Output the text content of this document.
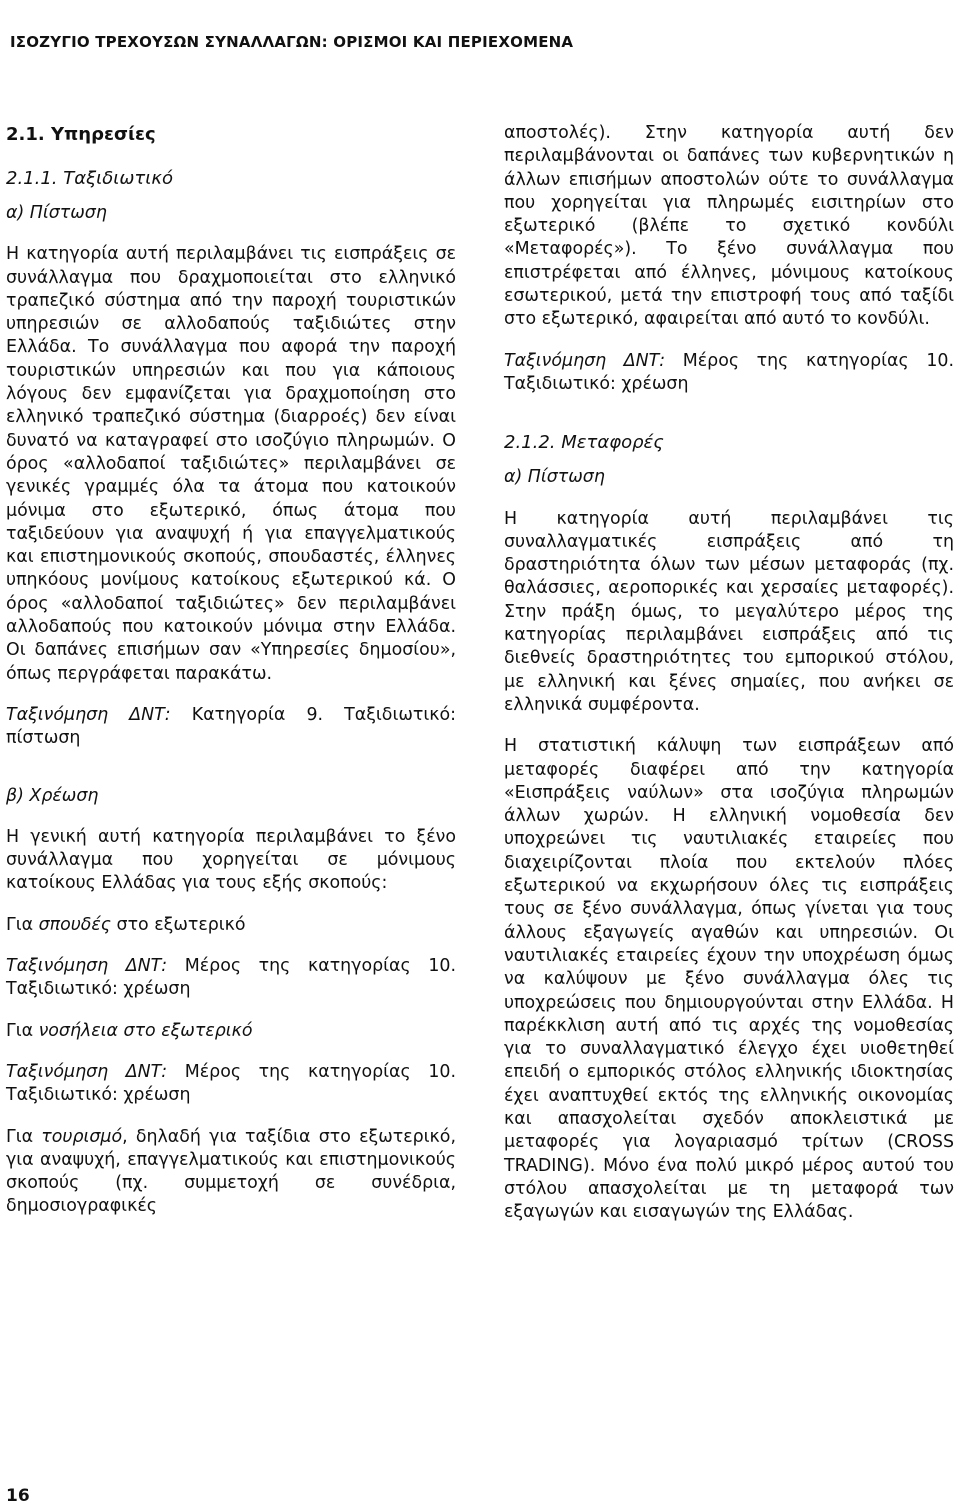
ΙΣΟΖΥΓΙΟ ΤΡΕΧΟΥΣΩΝ ΣΥΝΑΛΛΑΓΩΝ: ΟΡΙΣΜΟΙ ΚΑΙ ΠΕΡΙΕΧΟΜΕΝΑ
2.1. Υπηρεσίες
2.1.1. Ταξιδιωτικό
α) Πίστωση

Η κατηγορία αυτή περιλαμβάνει τις εισπράξεις σε συνάλλαγμα που δραχμοποιείται στο ελληνικό τραπεζικό σύστημα από την παροχή τουριστικών υπηρεσιών σε αλλοδαπούς ταξιδιώτες στην Ελλάδα. Το συνάλλαγμα που αφορά την παροχή τουριστικών υπηρεσιών και που για κάποιους λόγους δεν εμφανίζεται για δραχμοποίηση στο ελληνικό τραπεζικό σύστημα (διαρροές) δεν είναι δυνατό να καταγραφεί στο ισοζύγιο πληρωμών. Ο όρος «αλλοδαποί ταξιδιώτες» περιλαμβάνει σε γενικές γραμμές όλα τα άτομα που κατοικούν μόνιμα στο εξωτερικό, όπως άτομα που ταξιδεύουν για αναψυχή ή για επαγγελματικούς και επιστημονικούς σκοπούς, σπουδαστές, έλληνες υπηκόους μονίμους κατοίκους εξωτερικού κά. Ο όρος «αλλοδαποί ταξιδιώτες» δεν περιλαμβάνει αλλοδαπούς που κατοικούν μόνιμα στην Ελλάδα. Οι δαπάνες επισήμων σαν «Υπηρεσίες δημοσίου», όπως περγράφεται παρακάτω.

Ταξινόμηση ΔΝΤ: Κατηγορία 9. Ταξιδιωτικό: πίστωση

β) Χρέωση

Η γενική αυτή κατηγορία περιλαμβάνει το ξένο συνάλλαγμα που χορηγείται σε μόνιμους κατοίκους Ελλάδας για τους εξής σκοπούς:

Για σπουδές στο εξωτερικό

Ταξινόμηση ΔΝΤ: Μέρος της κατηγορίας 10. Ταξιδιωτικό: χρέωση

Για νοσήλεια στο εξωτερικό

Ταξινόμηση ΔΝΤ: Μέρος της κατηγορίας 10. Ταξιδιωτικό: χρέωση

Για τουρισμό, δηλαδή για ταξίδια στο εξωτερικό, για αναψυχή, επαγγελματικούς και επιστημονικούς σκοπούς (πχ. συμμετοχή σε συνέδρια, δημοσιογραφικές

αποστολές). Στην κατηγορία αυτή δεν περιλαμβάνονται οι δαπάνες των κυβερνητικών η άλλων επισήμων αποστολών ούτε το συνάλλαγμα που χορηγείται για πληρωμές εισιτηρίων στο εξωτερικό (βλέπε το σχετικό κονδύλι «Μεταφορές»). Το ξένο συνάλλαγμα που επιστρέφεται από έλληνες, μόνιμους κατοίκους εσωτερικού, μετά την επιστροφή τους από ταξίδι στο εξωτερικό, αφαιρείται από αυτό το κονδύλι.

Ταξινόμηση ΔΝΤ: Μέρος της κατηγορίας 10. Ταξιδιωτικό: χρέωση

2.1.2. Μεταφορές
α) Πίστωση

Η κατηγορία αυτή περιλαμβάνει τις συναλλαγματικές εισπράξεις από τη δραστηριότητα όλων των μέσων μεταφοράς (πχ. θαλάσσιες, αεροπορικές και χερσαίες μεταφορές). Στην πράξη όμως, το μεγαλύτερο μέρος της κατηγορίας περιλαμβάνει εισπράξεις από τις διεθνείς δραστηριότητες του εμπορικού στόλου, με ελληνική και ξένες σημαίες, που ανήκει σε ελληνικά συμφέροντα.

Η στατιστική κάλυψη των εισπράξεων από μεταφορές διαφέρει από την κατηγορία «Εισπράξεις ναύλων» στα ισοζύγια πληρωμών άλλων χωρών. Η ελληνική νομοθεσία δεν υποχρεώνει τις ναυτιλιακές εταιρείες που διαχειρίζονται πλοία που εκτελούν πλόες εξωτερικού να εκχωρήσουν όλες τις εισπράξεις τους σε ξένο συνάλλαγμα, όπως γίνεται για τους άλλους εξαγωγείς αγαθών και υπηρεσιών. Οι ναυτιλιακές εταιρείες έχουν την υποχρέωση όμως να καλύψουν με ξένο συνάλλαγμα όλες τις υποχρεώσεις που δημιουργούνται στην Ελλάδα. Η παρέκκλιση αυτή από τις αρχές της νομοθεσίας για το συναλλαγματικό έλεγχο έχει υιοθετηθεί επειδή ο εμπορικός στόλος ελληνικής ιδιοκτησίας έχει αναπτυχθεί εκτός της ελληνικής οικονομίας και απασχολείται σχεδόν αποκλειστικά με μεταφορές για λογαριασμό τρίτων (CROSS TRADING). Μόνο ένα πολύ μικρό μέρος αυτού του στόλου απασχολείται με τη μεταφορά των εξαγωγών και εισαγωγών της Ελλάδας.

16
